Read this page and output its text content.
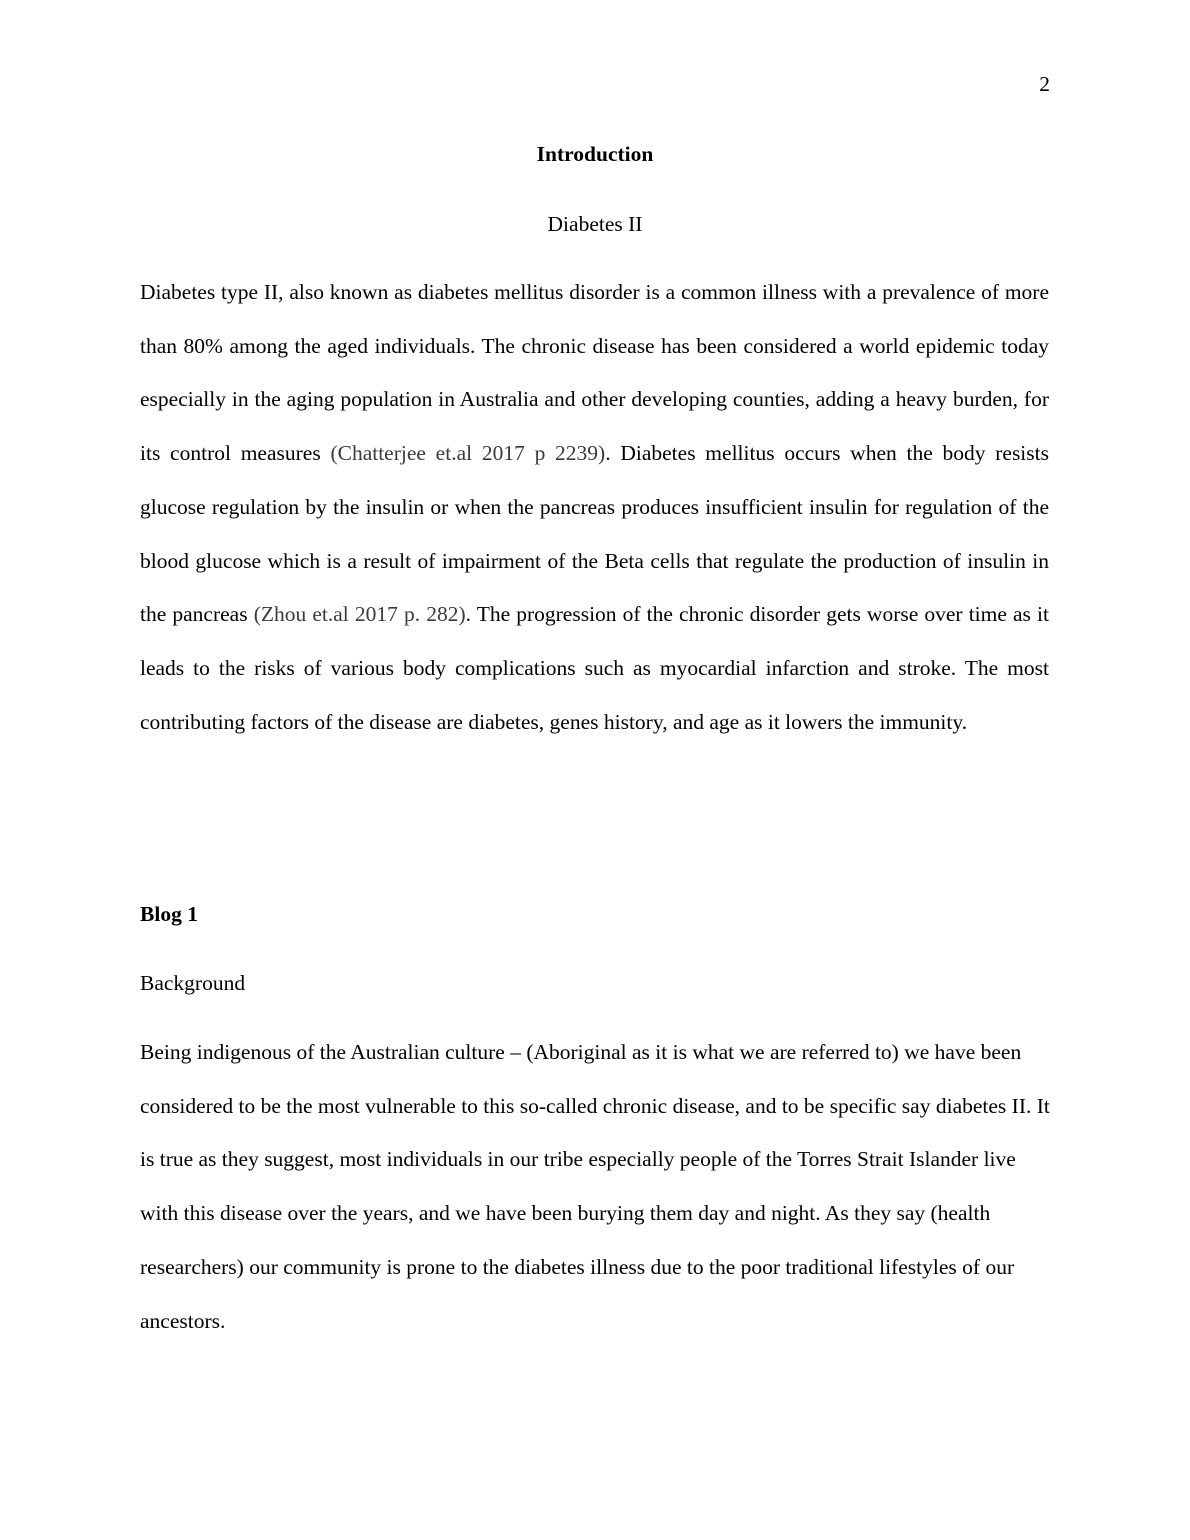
2
Introduction
Diabetes II

Diabetes type II, also known as diabetes mellitus disorder is a common illness with a prevalence of more than 80% among the aged individuals. The chronic disease has been considered a world epidemic today especially in the aging population in Australia and other developing counties, adding a heavy burden, for its control measures (Chatterjee et.al 2017 p 2239). Diabetes mellitus occurs when the body resists glucose regulation by the insulin or when the pancreas produces insufficient insulin for regulation of the blood glucose which is a result of impairment of the Beta cells that regulate the production of insulin in the pancreas (Zhou et.al 2017 p. 282). The progression of the chronic disorder gets worse over time as it leads to the risks of various body complications such as myocardial infarction and stroke. The most contributing factors of the disease are diabetes, genes history, and age as it lowers the immunity.

Blog 1
Background

Being indigenous of the Australian culture – (Aboriginal as it is what we are referred to) we have been considered to be the most vulnerable to this so-called chronic disease, and to be specific say diabetes II. It is true as they suggest, most individuals in our tribe especially people of the Torres Strait Islander live with this disease over the years, and we have been burying them day and night. As they say (health researchers) our community is prone to the diabetes illness due to the poor traditional lifestyles of our ancestors.
